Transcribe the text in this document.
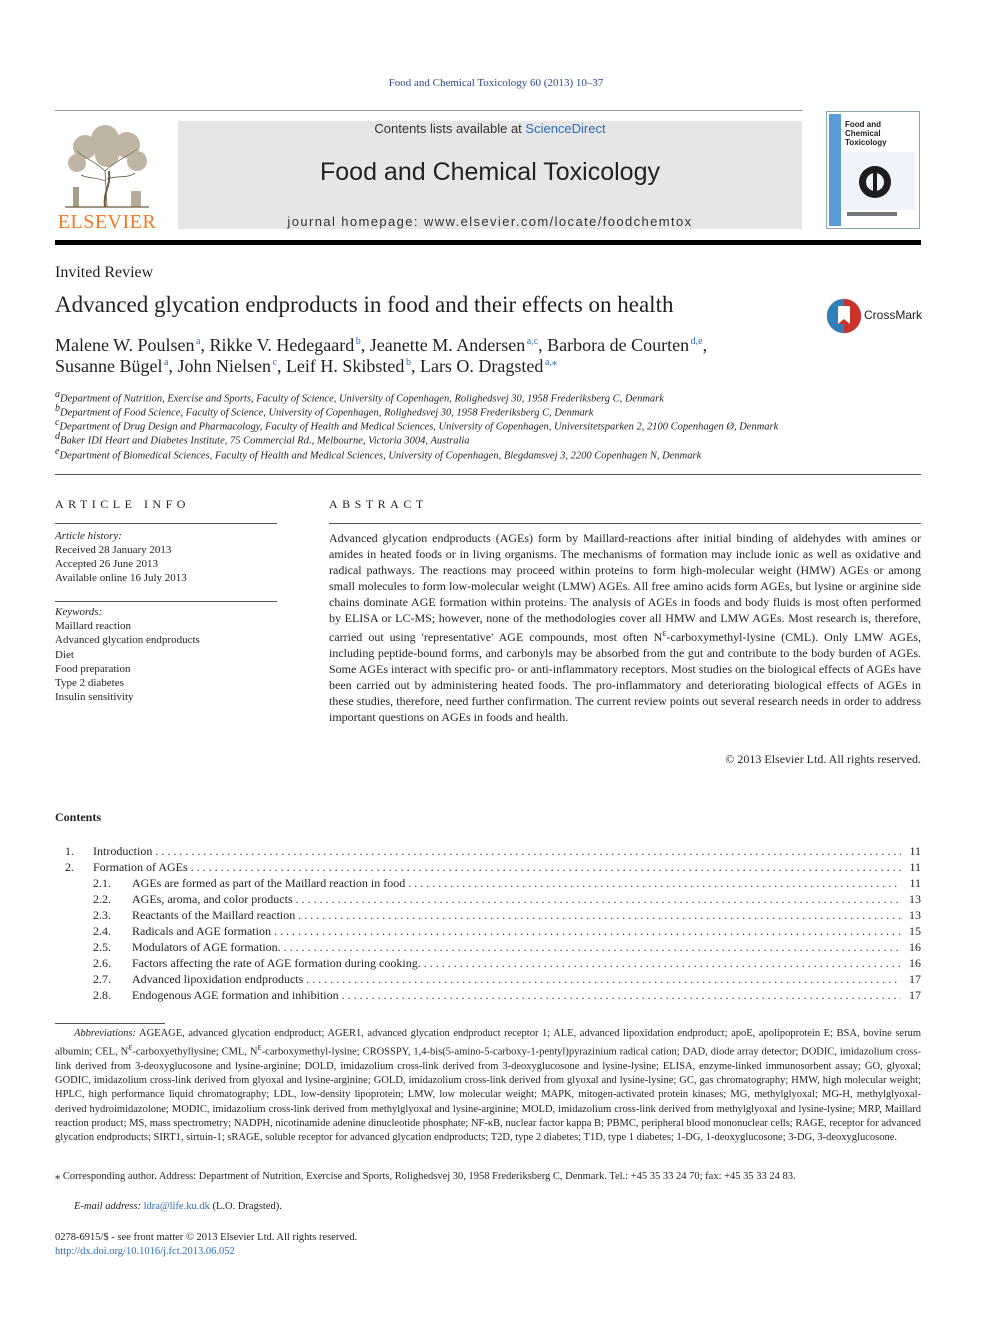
Food and Chemical Toxicology 60 (2013) 10–37
ELSEVIER
Contents lists available at ScienceDirect
Food and Chemical Toxicology
journal homepage: www.elsevier.com/locate/foodchemtox
Food and Chemical Toxicology
Invited Review
Advanced glycation endproducts in food and their effects on health	CrossMark
Malene W. Poulsen  $^a$, Rikke V. Hedegaard  $^b$, Jeanette M. Andersen  $^{a,c}$, Barbora de Courten  $^{d,e}$,
Susanne Bügel  $^a$, John Nielsen  $^c$, Leif H. Skibsted  $^b$, Lars O. Dragsted  $^{a,⁎}$
$^a$Department of Nutrition, Exercise and Sports, Faculty of Science, University of Copenhagen, Rolighedsvej 30, 1958 Frederiksberg C, Denmark
$^b$Department of Food Science, Faculty of Science, University of Copenhagen, Rolighedsvej 30, 1958 Frederiksberg C, Denmark
$^c$Department of Drug Design and Pharmacology, Faculty of Health and Medical Sciences, University of Copenhagen, Universitetsparken 2, 2100 Copenhagen Ø, Denmark
$^d$Baker IDI Heart and Diabetes Institute, 75 Commercial Rd., Melbourne, Victoria 3004, Australia
$^e$Department of Biomedical Sciences, Faculty of Health and Medical Sciences, University of Copenhagen, Blegdamsvej 3, 2200 Copenhagen N, Denmark
ARTICLE INFO
Article history:
Received 28 January 2013
Accepted 26 June 2013
Available online 16 July 2013
Keywords:
Maillard reaction
Advanced glycation endproducts
Diet
Food preparation
Type 2 diabetes
Insulin sensitivity
ABSTRACT
Advanced glycation endproducts (AGEs) form by Maillard-reactions after initial binding of aldehydes with amines or amides in heated foods or in living organisms. The mechanisms of formation may include ionic as well as oxidative and radical pathways. The reactions may proceed within proteins to form high-molecular weight (HMW) AGEs or among small molecules to form low-molecular weight (LMW) AGEs. All free amino acids form AGEs, but lysine or arginine side chains dominate AGE formation within proteins. The analysis of AGEs in foods and body fluids is most often performed by ELISA or LC-MS; however, none of the methodologies cover all HMW and LMW AGEs. Most research is, therefore, carried out using 'representative' AGE compounds, most often $N^\varepsilon-carboxymethyl$-lysine (CML). Only LMW AGEs, including peptide-bound forms, and carbonyls may be absorbed from the gut and contribute to the body burden of AGEs. Some AGEs interact with specific pro- or anti-inflammatory receptors. Most studies on the biological effects of AGEs have been carried out by administering heated foods. The pro-inflammatory and deteriorating biological effects of AGEs in these studies, therefore, need further confirmation. The current review points out several research needs in order to address important questions on AGEs in foods and health.
© 2013 Elsevier Ltd. All rights reserved.
Contents
1. Introduction . . .	11
2. Formation of AGEs . . .	11
2.1. AGEs are formed as part of the Maillard reaction in food . . .	11
2.2. AGEs, aroma, and color products . . .	13
2.3. Reactants of the Maillard reaction . . .	13
2.4. Radicals and AGE formation . . .	15
2.5. Modulators of AGE formation. . . .	16
2.6. Factors affecting the rate of AGE formation during cooking. . . .	16
2.7. Advanced lipoxidation endproducts . . .	17
2.8. Endogenous AGE formation and inhibition . . .	17
Abbreviations: AGEAGE, advanced glycation endproduct; AGER1, advanced glycation endproduct receptor 1; ALE, advanced lipoxidation endproduct; apoE, apolipoprotein E; BSA, bovine serum albumin; CEL, $N^\varepsilon$-carboxyethyllysine; CML, $N^\varepsilon-carboxymethyl$-lysine; CROSSPY, 1,4-bis(5-amino-5-carboxy-1-pentyl)pyrazinium radical cation; DAD, diode array detector; DODIC, imidazolium cross-link derived from 3-deoxyglucosone and lysine-arginine; DOLD, imidazolium cross-link derived from 3-deoxyglucosone and lysine-lysine; ELISA, enzyme-linked immunosorbent assay; GO, glyoxal; GODIC, imidazolium cross-link derived from glyoxal and lysine-arginine; GOLD, imidazolium cross-link derived from glyoxal and lysine-lysine; GC, gas chromatography; HMW, high molecular weight; HPLC, high performance liquid chromatography; LDL, low-density lipoprotein; LMW, low molecular weight; MAPK, mitogen-activated protein kinases; MG, methylglyoxal; MG-H, methylglyoxal-derived hydroimidazolone; MODIC, imidazolium cross-link derived from methylglyoxal and lysine-arginine; MOLD, imidazolium cross-link derived from methylglyoxal and lysine-lysine; MRP, Maillard reaction product; MS, mass spectrometry; NADPH, nicotinamide adenine dinucleotide phosphate; NF-κB, nuclear factor kappa B; PBMC, peripheral blood mononuclear cells; RAGE, receptor for advanced glycation endproducts; SIRT1, sirtuin-1; sRAGE, soluble receptor for advanced glycation endproducts; T2D, type 2 diabetes; T1D, type 1 diabetes; 1-DG, 1-deoxyglucosone; 3-DG, 3-deoxyglucosone.
⁎ Corresponding author. Address: Department of Nutrition, Exercise and Sports, Rolighedsvej 30, 1958 Frederiksberg C, Denmark. Tel.: +45 35 33 24 70; fax: +45 35 33 24 83.
E-mail address: ldra@life.ku.dk (L.O. Dragsted).
0278-6915/$ - see front matter © 2013 Elsevier Ltd. All rights reserved.
http://dx.doi.org/10.1016/j.fct.2013.06.052
